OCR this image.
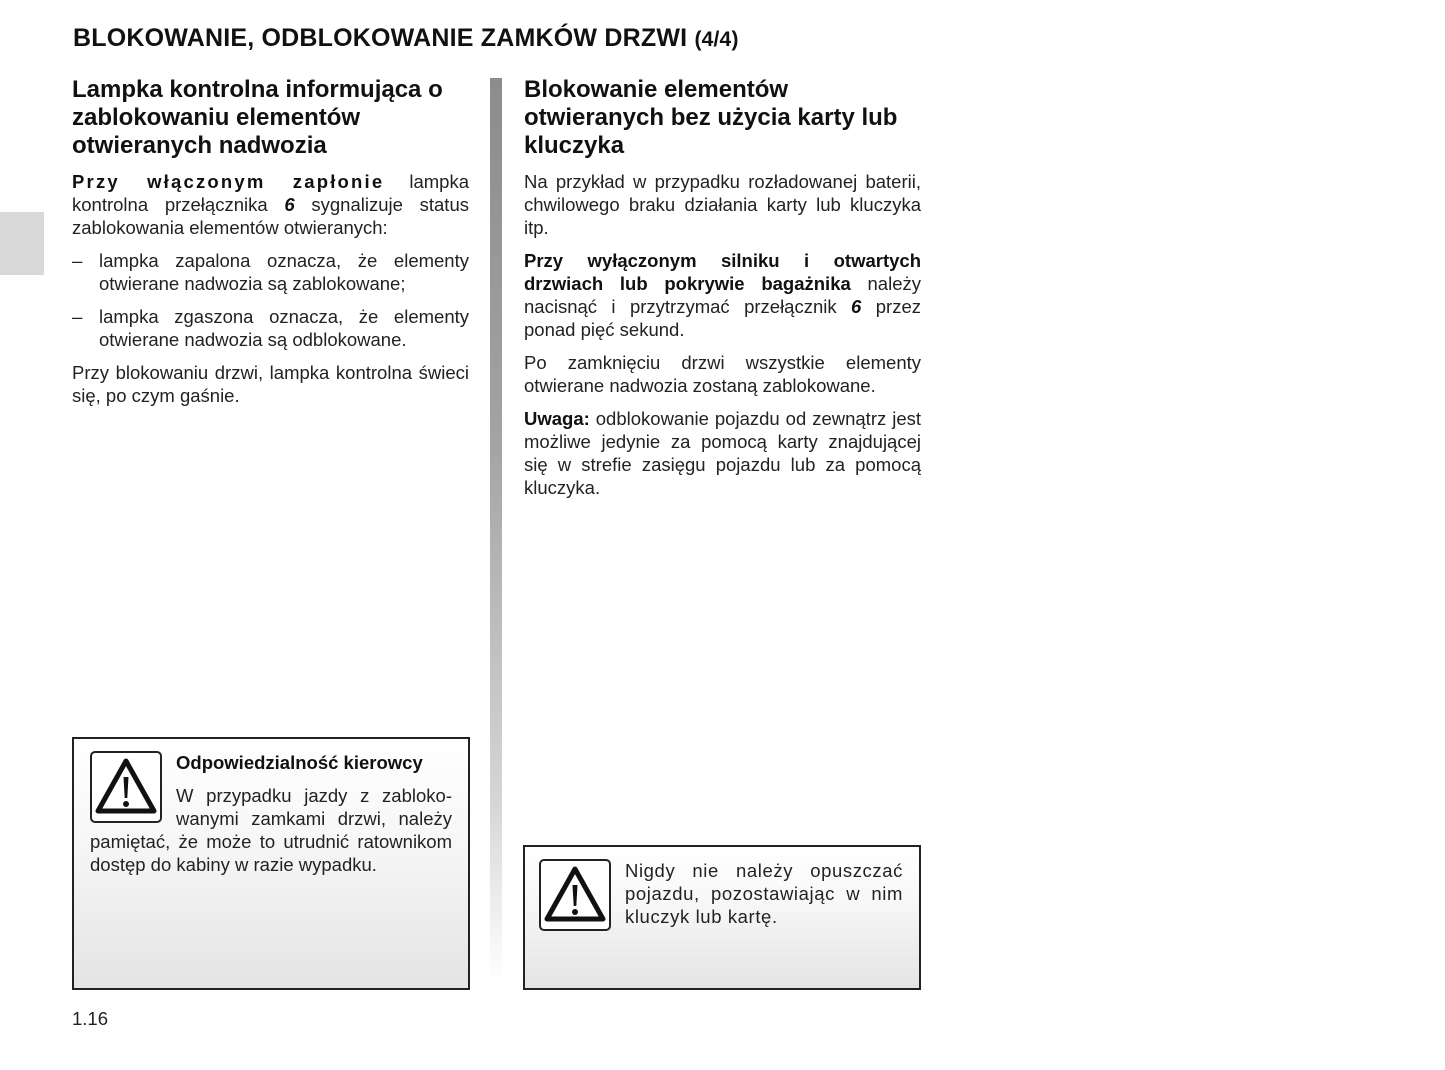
BLOKOWANIE, ODBLOKOWANIE ZAMKÓW DRZWI (4/4)
Lampka kontrolna informująca o zablokowaniu elementów otwieranych nadwozia

Przy włączonym zapłonie lampka kontrolna przełącznika 6 sygnalizuje status zablokowania elementów otwieranych:

– lampka zapalona oznacza, że elementy otwierane nadwozia są zablokowane;
– lampka zgaszona oznacza, że elementy otwierane nadwozia są odblokowane.

Przy blokowaniu drzwi, lampka kontrolna świeci się, po czym gaśnie.

Odpowiedzialność kierowcy

W przypadku jazdy z zablokowanymi zamkami drzwi, należy pamiętać, że może to utrudnić ratownikom dostęp do kabiny w razie wypadku.

Blokowanie elementów otwieranych bez użycia karty lub kluczyka

Na przykład w przypadku rozładowanej baterii, chwilowego braku działania karty lub kluczyka itp.

Przy wyłączonym silniku i otwartych drzwiach lub pokrywie bagażnika należy nacisnąć i przytrzymać przełącznik 6 przez ponad pięć sekund.

Po zamknięciu drzwi wszystkie elementy otwierane nadwozia zostaną zablokowane.

Uwaga: odblokowanie pojazdu od zewnątrz jest możliwe jedynie za pomocą karty znajdującej się w strefie zasięgu pojazdu lub za pomocą kluczyka.

Nigdy nie należy opuszczać pojazdu, pozostawiając w nim kluczyk lub kartę.

1.16
